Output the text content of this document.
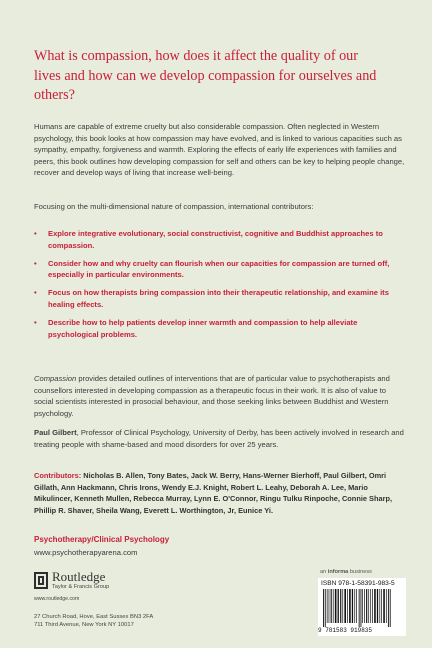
What is compassion, how does it affect the quality of our lives and how can we develop compassion for ourselves and others?
Humans are capable of extreme cruelty but also considerable compassion. Often neglected in Western psychology, this book looks at how compassion may have evolved, and is linked to various capacities such as sympathy, empathy, forgiveness and warmth. Exploring the effects of early life experiences with families and peers, this book outlines how developing compassion for self and others can be key to helping people change, recover and develop ways of living that increase well-being.
Focusing on the multi-dimensional nature of compassion, international contributors:
• Explore integrative evolutionary, social constructivist, cognitive and Buddhist approaches to compassion.
• Consider how and why cruelty can flourish when our capacities for compassion are turned off, especially in particular environments.
• Focus on how therapists bring compassion into their therapeutic relationship, and examine its healing effects.
• Describe how to help patients develop inner warmth and compassion to help alleviate psychological problems.
Compassion provides detailed outlines of interventions that are of particular value to psychotherapists and counsellors interested in developing compassion as a therapeutic focus in their work. It is also of value to social scientists interested in prosocial behaviour, and those seeking links between Buddhist and Western psychology.
Paul Gilbert, Professor of Clinical Psychology, University of Derby, has been actively involved in research and treating people with shame-based and mood disorders for over 25 years.
Contributors: Nicholas B. Allen, Tony Bates, Jack W. Berry, Hans-Werner Bierhoff, Paul Gilbert, Omri Gillath, Ann Hackmann, Chris Irons, Wendy E.J. Knight, Robert L. Leahy, Deborah A. Lee, Mario Mikulincer, Kenneth Mullen, Rebecca Murray, Lynn E. O'Connor, Ringu Tulku Rinpoche, Connie Sharp, Phillip R. Shaver, Sheila Wang, Everett L. Worthington, Jr, Eunice Yi.
Psychotherapy/Clinical Psychology
www.psychotherapyarena.com
Routledge
Taylor & Francis Group
www.routledge.com
27 Church Road, Hove, East Sussex BN3 2FA
711 Third Avenue, New York NY 10017
an informa business
ISBN 978-1-58391-983-5
9 781583 919835
